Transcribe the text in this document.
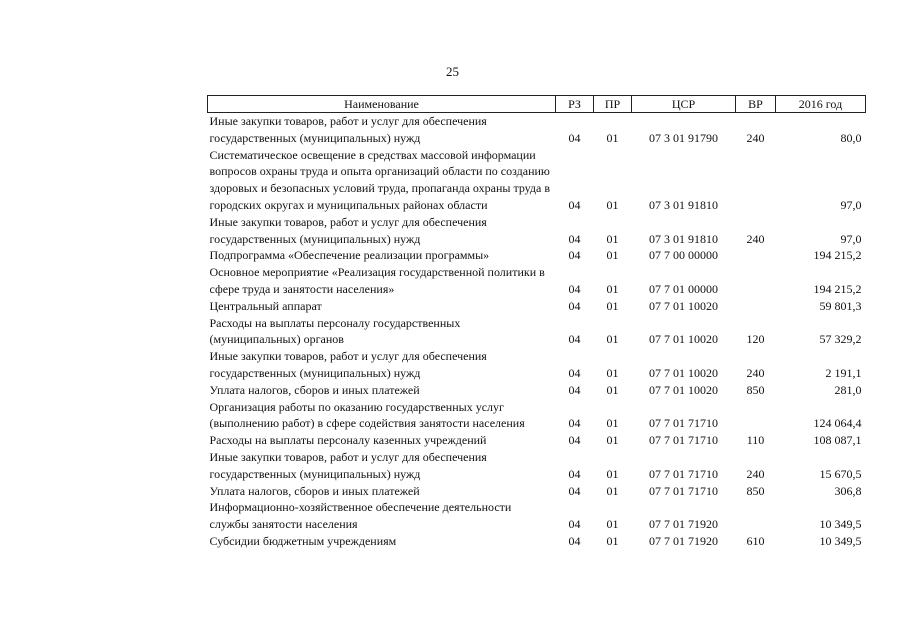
25
Наименование	РЗ	ПР	ЦСР	ВР	2016 год
Иные закупки товаров, работ и услуг для обеспечения государственных (муниципальных) нужд	04	01	07 3 01 91790	240	80,0
Систематическое освещение в средствах массовой информации вопросов охраны труда и опыта организаций области по созданию здоровых и безопасных условий труда, пропаганда охраны труда в городских округах и муниципальных районах области	04	01	07 3 01 91810		97,0
Иные закупки товаров, работ и услуг для обеспечения государственных (муниципальных) нужд	04	01	07 3 01 91810	240	97,0
Подпрограмма «Обеспечение реализации программы»	04	01	07 7 00 00000		194 215,2
Основное мероприятие «Реализация государственной политики в сфере труда и занятости населения»	04	01	07 7 01 00000		194 215,2
Центральный аппарат	04	01	07 7 01 10020		59 801,3
Расходы на выплаты персоналу государственных (муниципальных) органов	04	01	07 7 01 10020	120	57 329,2
Иные закупки товаров, работ и услуг для обеспечения государственных (муниципальных) нужд	04	01	07 7 01 10020	240	2 191,1
Уплата налогов, сборов и иных платежей	04	01	07 7 01 10020	850	281,0
Организация работы по оказанию государственных услуг (выполнению работ) в сфере содействия занятости населения	04	01	07 7 01 71710		124 064,4
Расходы на выплаты персоналу казенных учреждений	04	01	07 7 01 71710	110	108 087,1
Иные закупки товаров, работ и услуг для обеспечения государственных (муниципальных) нужд	04	01	07 7 01 71710	240	15 670,5
Уплата налогов, сборов и иных платежей	04	01	07 7 01 71710	850	306,8
Информационно-хозяйственное обеспечение деятельности службы занятости населения	04	01	07 7 01 71920		10 349,5
Субсидии бюджетным учреждениям	04	01	07 7 01 71920	610	10 349,5
